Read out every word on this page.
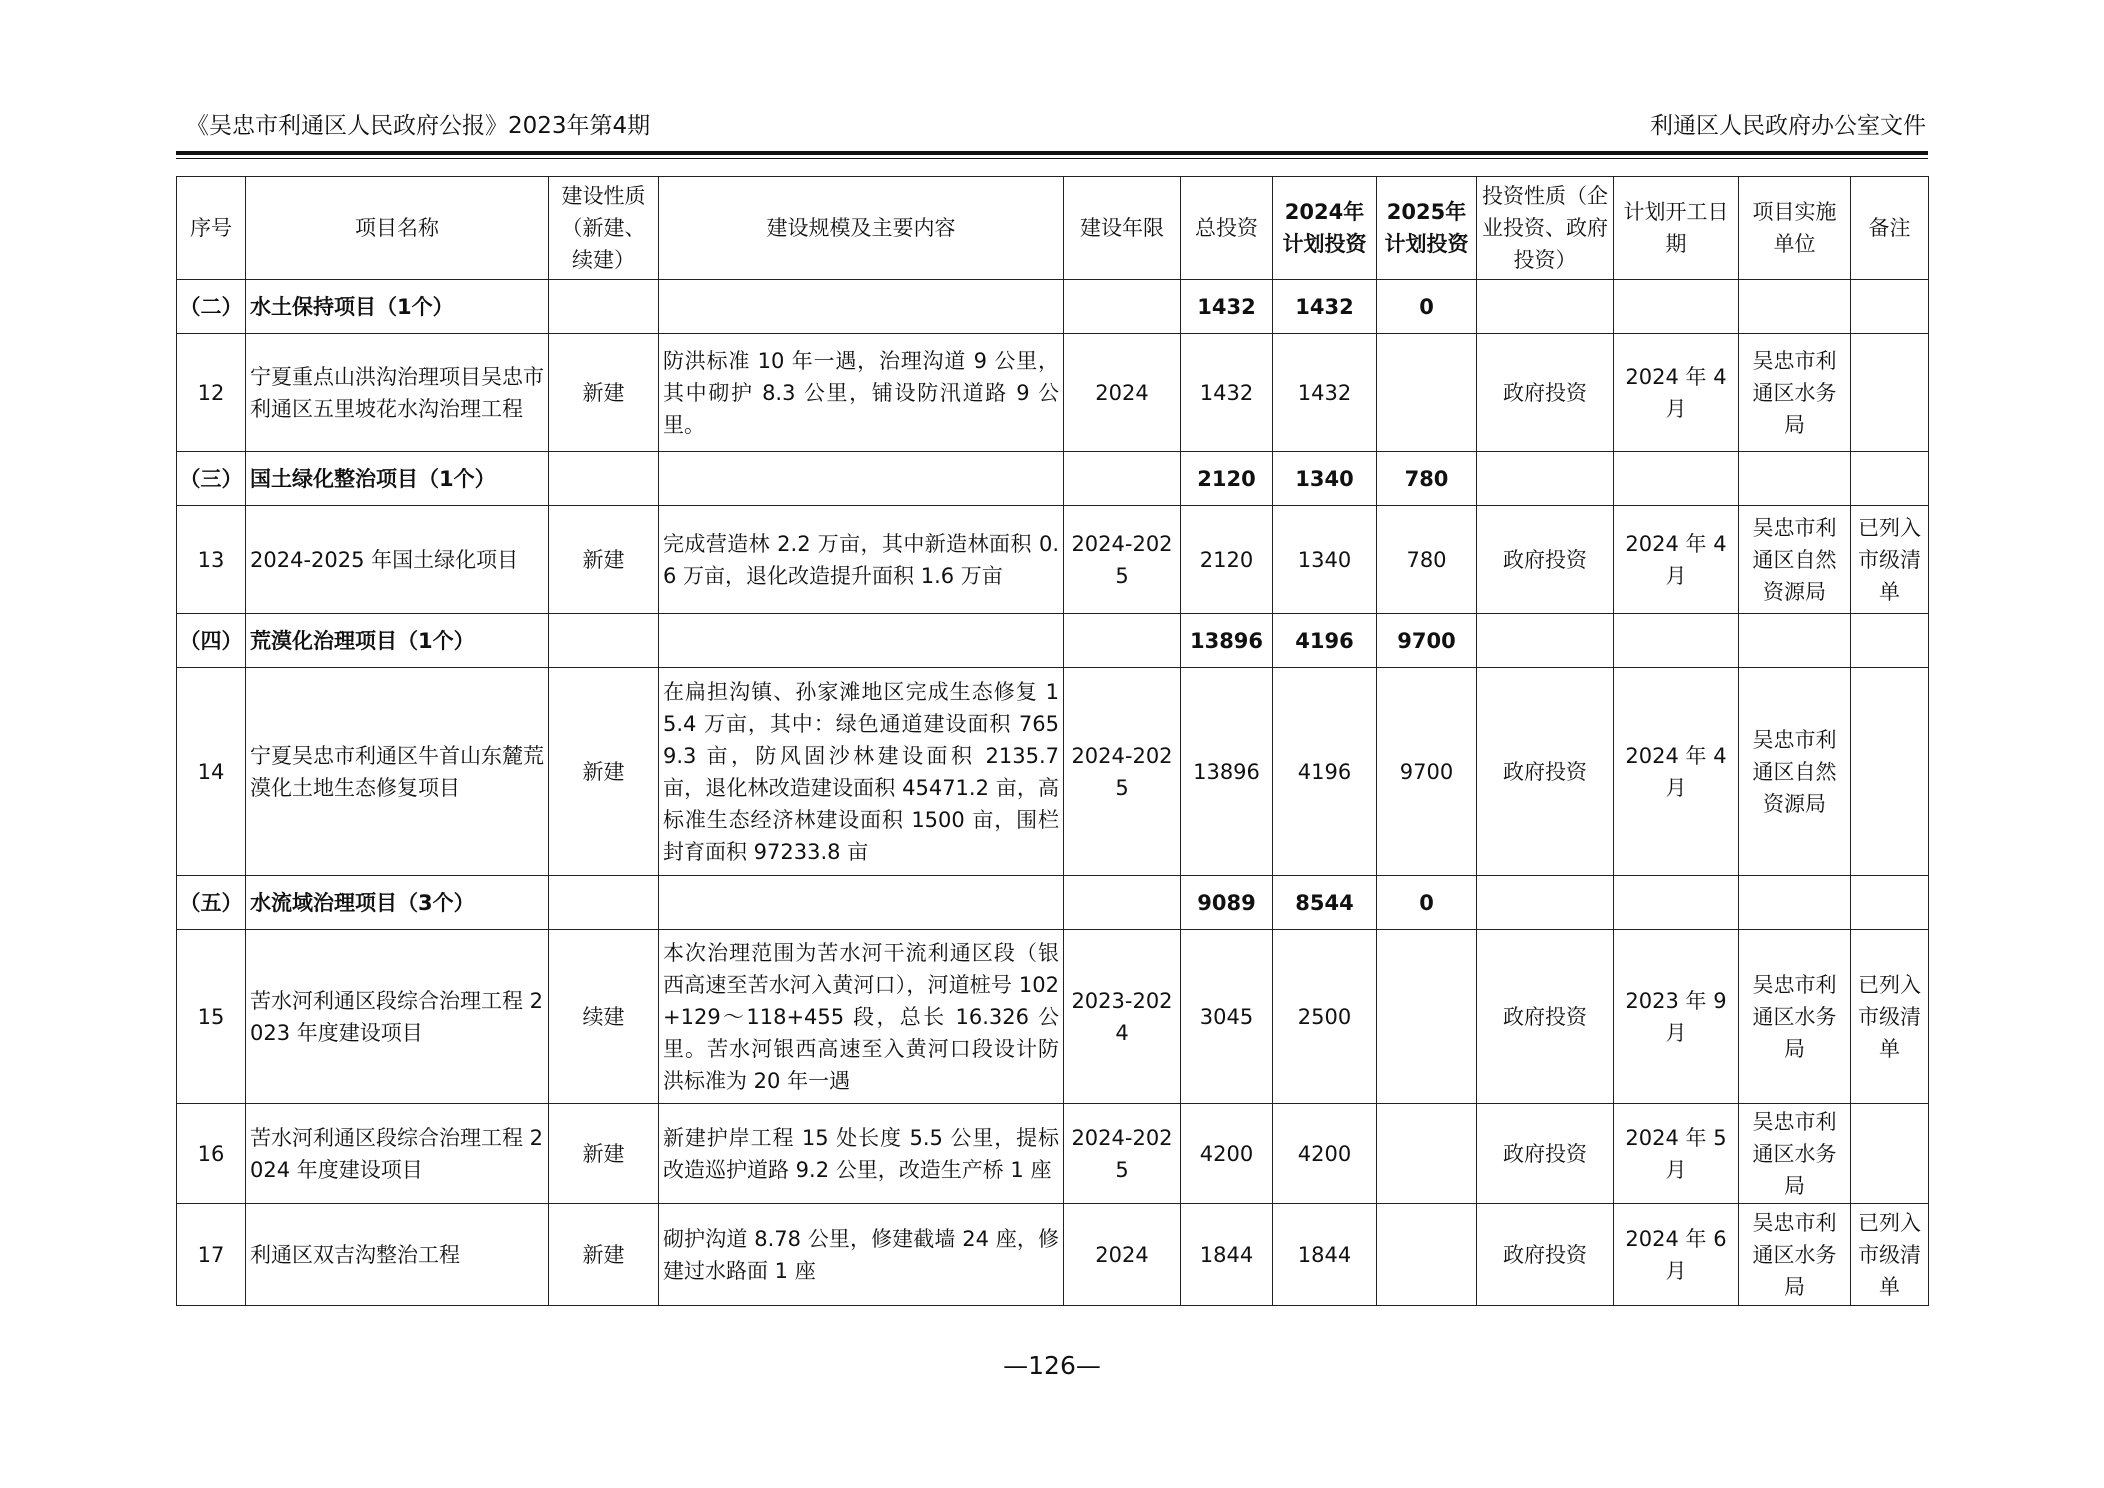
《吴忠市利通区人民政府公报》2023年第4期	利通区人民政府办公室文件
序号	项目名称	建设性质（新建、续建）	建设规模及主要内容	建设年限	总投资	2024年计划投资	2025年计划投资	投资性质（企业投资、政府投资）	计划开工日期	项目实施单位	备注
（二）	水土保持项目（1个）				1432	1432	0				
12	宁夏重点山洪沟治理项目吴忠市利通区五里坡花水沟治理工程	新建	防洪标准 10 年一遇，治理沟道 9 公里，其中砌护 8.3 公里，铺设防汛道路 9 公里。	2024	1432	1432		政府投资	2024 年 4 月	吴忠市利通区水务局	
（三）	国土绿化整治项目（1个）				2120	1340	780				
13	2024-2025 年国土绿化项目	新建	完成营造林 2.2 万亩，其中新造林面积 0.6 万亩，退化改造提升面积 1.6 万亩	2024-2025	2120	1340	780	政府投资	2024 年 4 月	吴忠市利通区自然资源局	已列入市级清单
（四）	荒漠化治理项目（1个）				13896	4196	9700				
14	宁夏吴忠市利通区牛首山东麓荒漠化土地生态修复项目	新建	在扁担沟镇、孙家滩地区完成生态修复 15.4 万亩，其中：绿色通道建设面积 7659.3 亩，防风固沙林建设面积 2135.7 亩，退化林改造建设面积 45471.2 亩，高标准生态经济林建设面积 1500 亩，围栏封育面积 97233.8 亩	2024-2025	13896	4196	9700	政府投资	2024 年 4 月	吴忠市利通区自然资源局	
（五）	水流域治理项目（3个）				9089	8544	0				
15	苦水河利通区段综合治理工程 2023 年度建设项目	续建	本次治理范围为苦水河干流利通区段（银西高速至苦水河入黄河口），河道桩号 102+129～118+455 段，总长 16.326 公里。苦水河银西高速至入黄河口段设计防洪标准为 20 年一遇	2023-2024	3045	2500		政府投资	2023 年 9 月	吴忠市利通区水务局	已列入市级清单
16	苦水河利通区段综合治理工程 2024 年度建设项目	新建	新建护岸工程 15 处长度 5.5 公里，提标改造巡护道路 9.2 公里，改造生产桥 1 座	2024-2025	4200	4200		政府投资	2024 年 5 月	吴忠市利通区水务局	
17	利通区双吉沟整治工程	新建	砌护沟道 8.78 公里，修建截墙 24 座，修建过水路面 1 座	2024	1844	1844		政府投资	2024 年 6 月	吴忠市利通区水务局	已列入市级清单
—126—
